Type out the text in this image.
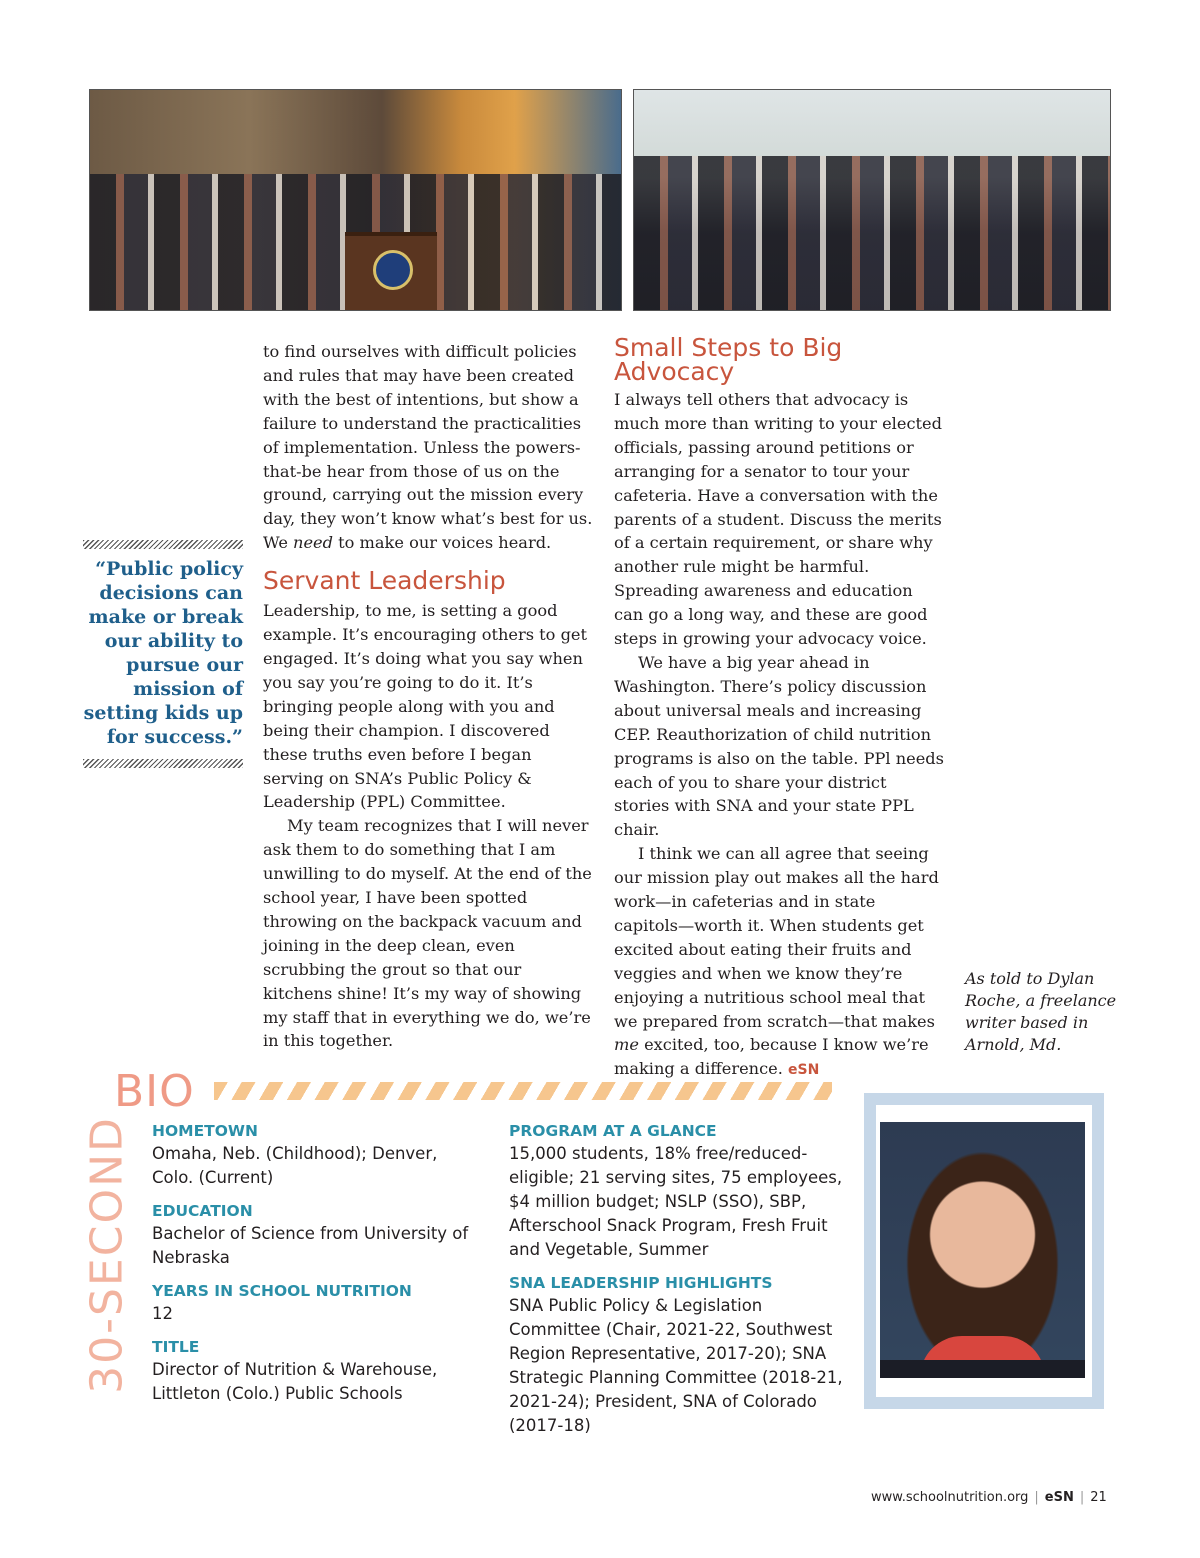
to find ourselves with difficult policies and rules that may have been created with the best of intentions, but show a failure to understand the practicalities of implementation. Unless the powers-that-be hear from those of us on the ground, carrying out the mission every day, they won’t know what’s best for us. We need to make our voices heard.

Servant Leadership

Leadership, to me, is setting a good example. It’s encouraging others to get engaged. It’s doing what you say when you say you’re going to do it. It’s bringing people along with you and being their champion. I discovered these truths even before I began serving on SNA’s Public Policy & Leadership (PPL) Committee.

My team recognizes that I will never ask them to do something that I am unwilling to do myself. At the end of the school year, I have been spotted throwing on the backpack vacuum and joining in the deep clean, even scrubbing the grout so that our kitchens shine! It’s my way of showing my staff that in everything we do, we’re in this together.

Small Steps to Big Advocacy

I always tell others that advocacy is much more than writing to your elected officials, passing around petitions or arranging for a senator to tour your cafeteria. Have a conversation with the parents of a student. Discuss the merits of a certain requirement, or share why another rule might be harmful. Spreading awareness and education can go a long way, and these are good steps in growing your advocacy voice.

We have a big year ahead in Washington. There’s policy discussion about universal meals and increasing CEP. Reauthorization of child nutrition programs is also on the table. PPl needs each of you to share your district stories with SNA and your state PPL chair.

I think we can all agree that seeing our mission play out makes all the hard work—in cafeterias and in state capitols—worth it. When students get excited about eating their fruits and veggies and when we know they’re enjoying a nutritious school meal that we prepared from scratch—that makes me excited, too, because I know we’re making a difference. eSN

“Public policy decisions can make or break our ability to pursue our mission of setting kids up for success.”
As told to Dylan Roche, a freelance writer based in Arnold, Md.
BIO
30-SECOND HOMETOWN
Omaha, Neb. (Childhood); Denver, Colo. (Current)
EDUCATION
Bachelor of Science from University of Nebraska
YEARS IN SCHOOL NUTRITION
12
TITLE
Director of Nutrition & Warehouse, Littleton (Colo.) Public Schools
PROGRAM AT A GLANCE
15,000 students, 18% free/reduced-eligible; 21 serving sites, 75 employees, $4 million budget; NSLP (SSO), SBP, Afterschool Snack Program, Fresh Fruit and Vegetable, Summer
SNA LEADERSHIP HIGHLIGHTS
SNA Public Policy & Legislation Committee (Chair, 2021-22, Southwest Region Representative, 2017-20); SNA Strategic Planning Committee (2018-21, 2021-24); President, SNA of Colorado (2017-18)
www.schoolnutrition.org | eSN | 21
